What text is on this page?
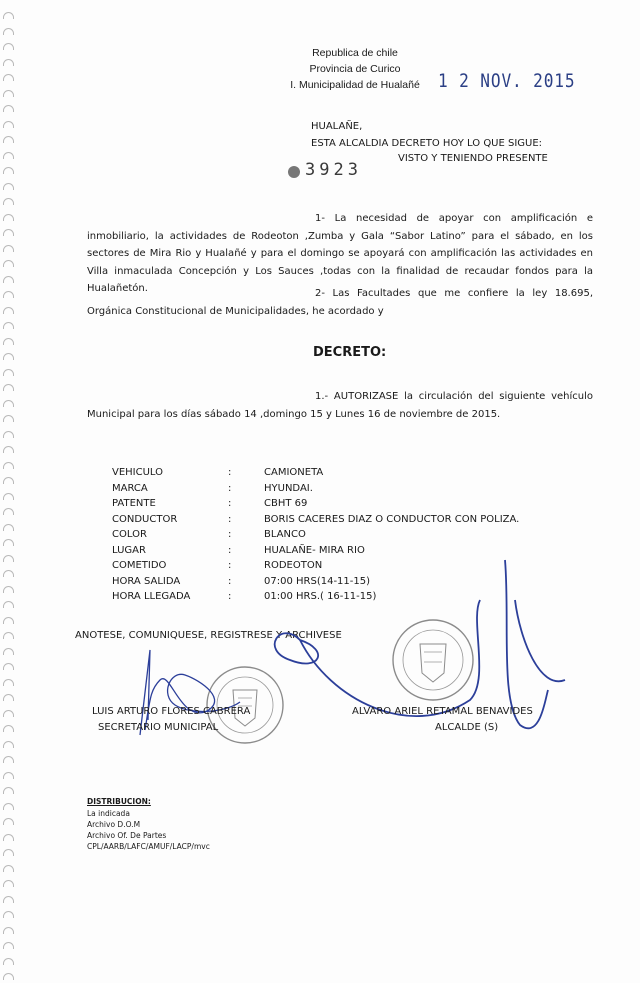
Republica de chile
Provincia de Curico
I. Municipalidad de Hualañé 1 2 NOV. 2015
HUALAÑE,
ESTA ALCALDIA DECRETO HOY LO QUE SIGUE:
VISTO Y TENIENDO PRESENTE
3923
1- La necesidad de apoyar con amplificación e inmobiliario, la actividades de Rodeoton ,Zumba y Gala “Sabor Latino” para el sábado, en los sectores de Mira Rio y Hualañé y para el domingo se apoyará con amplificación las actividades en Villa inmaculada Concepción y Los Sauces ,todas con la finalidad de recaudar fondos para la Hualañetón.	2- Las Facultades que me confiere la ley 18.695, Orgánica Constitucional de Municipalidades, he acordado y
DECRETO:
1.- AUTORIZASE la circulación del siguiente vehículo Municipal para los días sábado 14 ,domingo 15 y Lunes 16 de noviembre de 2015.
VEHICULO	:	CAMIONETA
MARCA	:	HYUNDAI.
PATENTE	:	CBHT 69
CONDUCTOR	:	BORIS CACERES DIAZ O CONDUCTOR CON POLIZA.
COLOR	:	BLANCO
LUGAR	:	HUALAÑE- MIRA RIO
COMETIDO	:	RODEOTON
HORA SALIDA	:	07:00 HRS(14-11-15)
HORA LLEGADA	:	01:00 HRS.( 16-11-15)
ANOTESE, COMUNIQUESE, REGISTRESE Y ARCHIVESE
LUIS ARTURO FLORES CABRERA
SECRETARIO MUNICIPAL
ALVARO ARIEL RETAMAL BENAVIDES
ALCALDE (S)
DISTRIBUCION:
La indicada
Archivo D.O.M
Archivo Of. De Partes
CPL/AARB/LAFC/AMUF/LACP/mvc
